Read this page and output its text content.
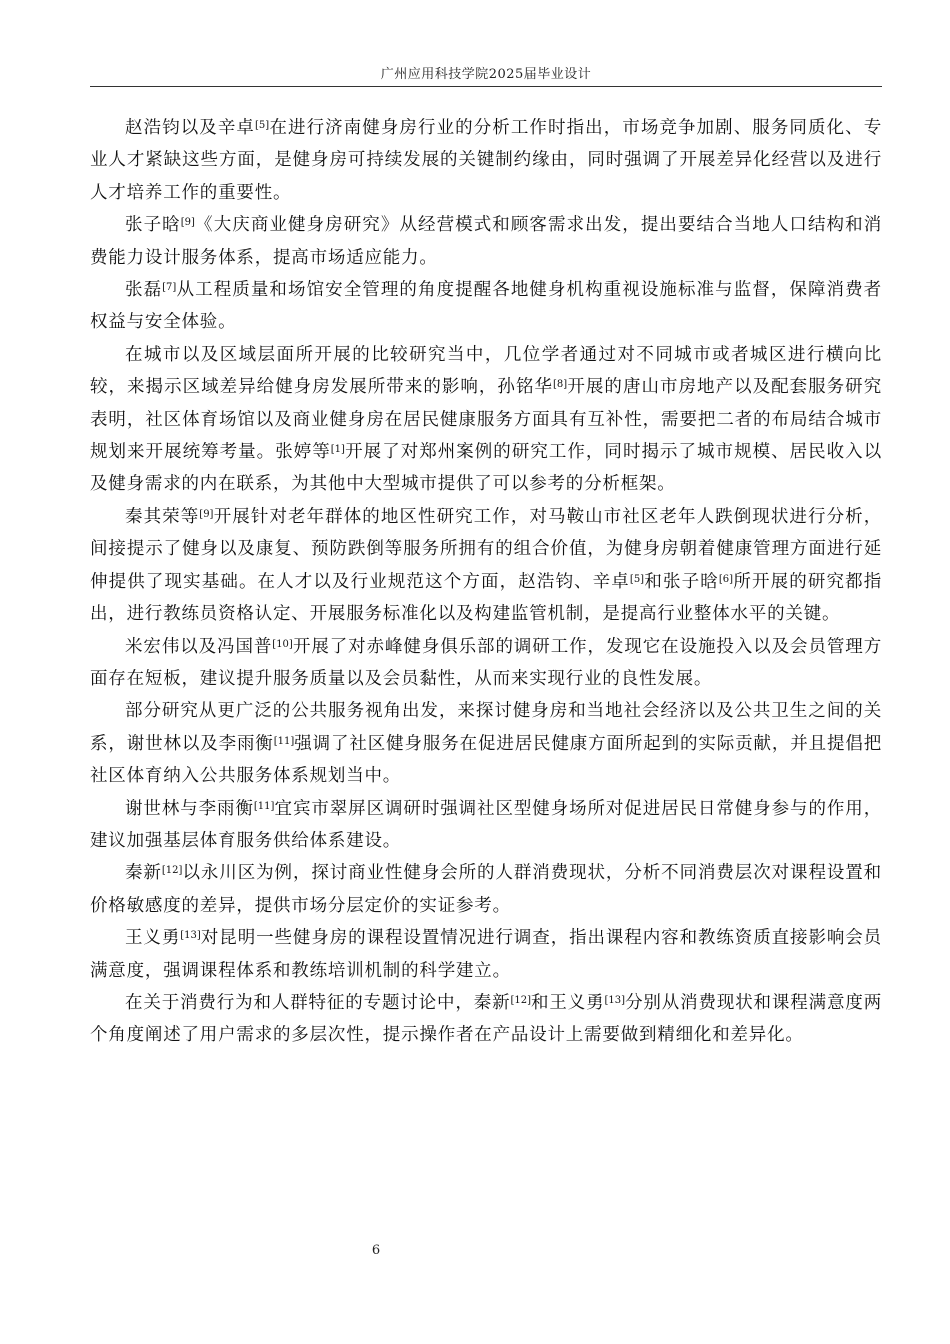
广州应用科技学院2025届毕业设计

赵浩钧以及辛卓[5]在进行济南健身房行业的分析工作时指出，市场竞争加剧、服务同质化、专业人才紧缺这些方面，是健身房可持续发展的关键制约缘由，同时强调了开展差异化经营以及进行人才培养工作的重要性。

张子晗[9]《大庆商业健身房研究》从经营模式和顾客需求出发，提出要结合当地人口结构和消费能力设计服务体系，提高市场适应能力。

张磊[7]从工程质量和场馆安全管理的角度提醒各地健身机构重视设施标准与监督，保障消费者权益与安全体验。

在城市以及区域层面所开展的比较研究当中，几位学者通过对不同城市或者城区进行横向比较，来揭示区域差异给健身房发展所带来的影响，孙铭华[8]开展的唐山市房地产以及配套服务研究表明，社区体育场馆以及商业健身房在居民健康服务方面具有互补性，需要把二者的布局结合城市规划来开展统筹考量。张婷等[1]开展了对郑州案例的研究工作，同时揭示了城市规模、居民收入以及健身需求的内在联系，为其他中大型城市提供了可以参考的分析框架。

秦其荣等[9]开展针对老年群体的地区性研究工作，对马鞍山市社区老年人跌倒现状进行分析，间接提示了健身以及康复、预防跌倒等服务所拥有的组合价值，为健身房朝着健康管理方面进行延伸提供了现实基础。在人才以及行业规范这个方面，赵浩钧、辛卓[5]和张子晗[6]所开展的研究都指出，进行教练员资格认定、开展服务标准化以及构建监管机制，是提高行业整体水平的关键。

米宏伟以及冯国普[10]开展了对赤峰健身俱乐部的调研工作，发现它在设施投入以及会员管理方面存在短板，建议提升服务质量以及会员黏性，从而来实现行业的良性发展。

部分研究从更广泛的公共服务视角出发，来探讨健身房和当地社会经济以及公共卫生之间的关系，谢世林以及李雨衡[11]强调了社区健身服务在促进居民健康方面所起到的实际贡献，并且提倡把社区体育纳入公共服务体系规划当中。

谢世林与李雨衡[11]宜宾市翠屏区调研时强调社区型健身场所对促进居民日常健身参与的作用，建议加强基层体育服务供给体系建设。

秦新[12]以永川区为例，探讨商业性健身会所的人群消费现状，分析不同消费层次对课程设置和价格敏感度的差异，提供市场分层定价的实证参考。

王义勇[13]对昆明一些健身房的课程设置情况进行调查，指出课程内容和教练资质直接影响会员满意度，强调课程体系和教练培训机制的科学建立。

在关于消费行为和人群特征的专题讨论中，秦新[12]和王义勇[13]分别从消费现状和课程满意度两个角度阐述了用户需求的多层次性，提示操作者在产品设计上需要做到精细化和差异化。

6
